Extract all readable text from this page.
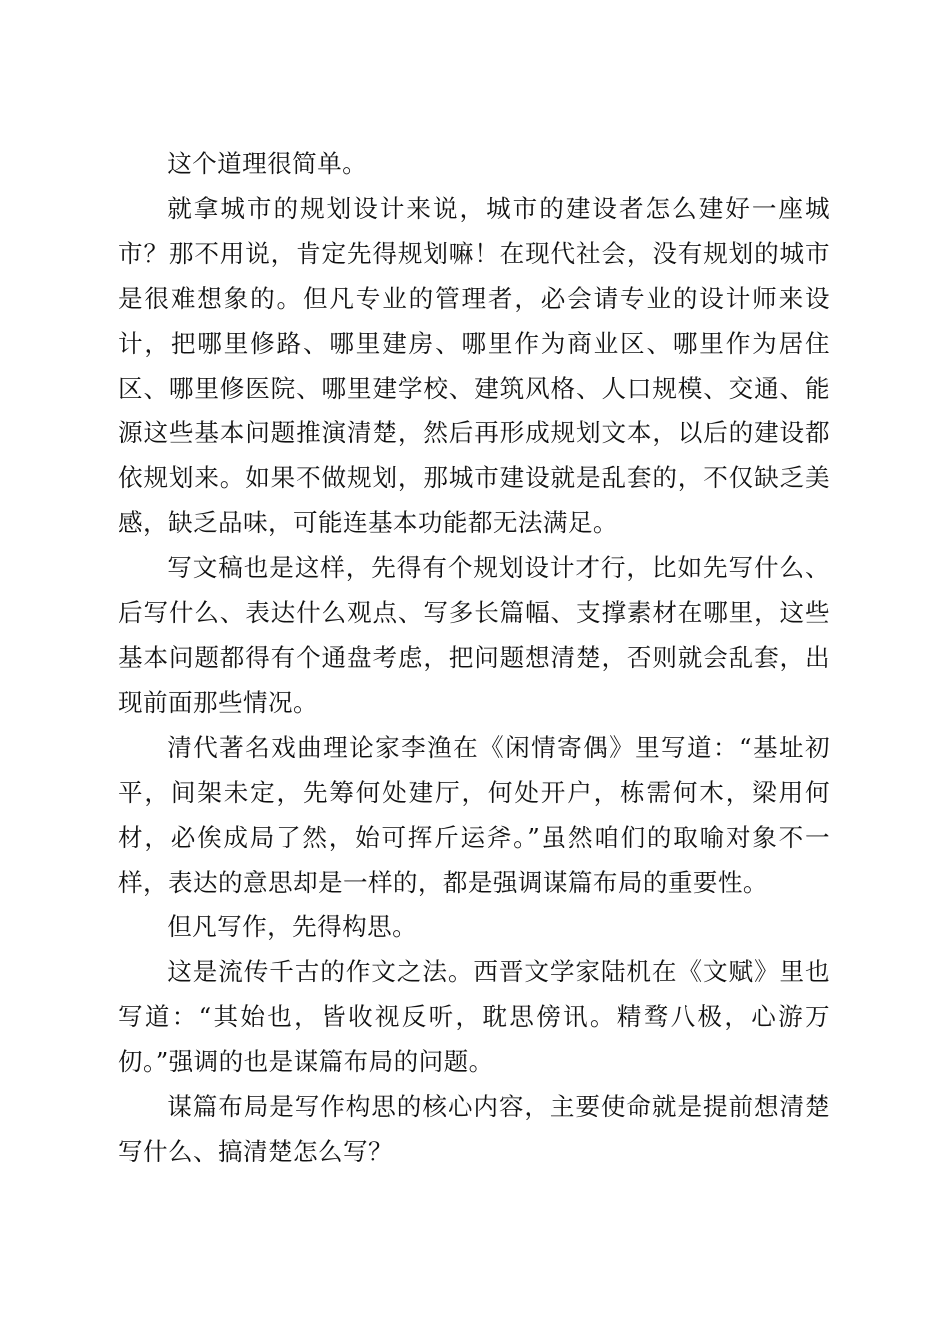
这个道理很简单。

就拿城市的规划设计来说，城市的建设者怎么建好一座城市？那不用说，肯定先得规划嘛！在现代社会，没有规划的城市是很难想象的。但凡专业的管理者，必会请专业的设计师来设计，把哪里修路、哪里建房、哪里作为商业区、哪里作为居住区、哪里修医院、哪里建学校、建筑风格、人口规模、交通、能源这些基本问题推演清楚，然后再形成规划文本，以后的建设都依规划来。如果不做规划，那城市建设就是乱套的，不仅缺乏美感，缺乏品味，可能连基本功能都无法满足。

写文稿也是这样，先得有个规划设计才行，比如先写什么、后写什么、表达什么观点、写多长篇幅、支撑素材在哪里，这些基本问题都得有个通盘考虑，把问题想清楚，否则就会乱套，出现前面那些情况。

清代著名戏曲理论家李渔在《闲情寄偶》里写道：“基址初平，间架未定，先筹何处建厅，何处开户，栋需何木，梁用何材，必俟成局了然，始可挥斤运斧。”虽然咱们的取喻对象不一样，表达的意思却是一样的，都是强调谋篇布局的重要性。

但凡写作，先得构思。

这是流传千古的作文之法。西晋文学家陆机在《文赋》里也写道：“其始也，皆收视反听，耽思傍讯。精骛八极，心游万仞。”强调的也是谋篇布局的问题。

谋篇布局是写作构思的核心内容，主要使命就是提前想清楚写什么、搞清楚怎么写？
